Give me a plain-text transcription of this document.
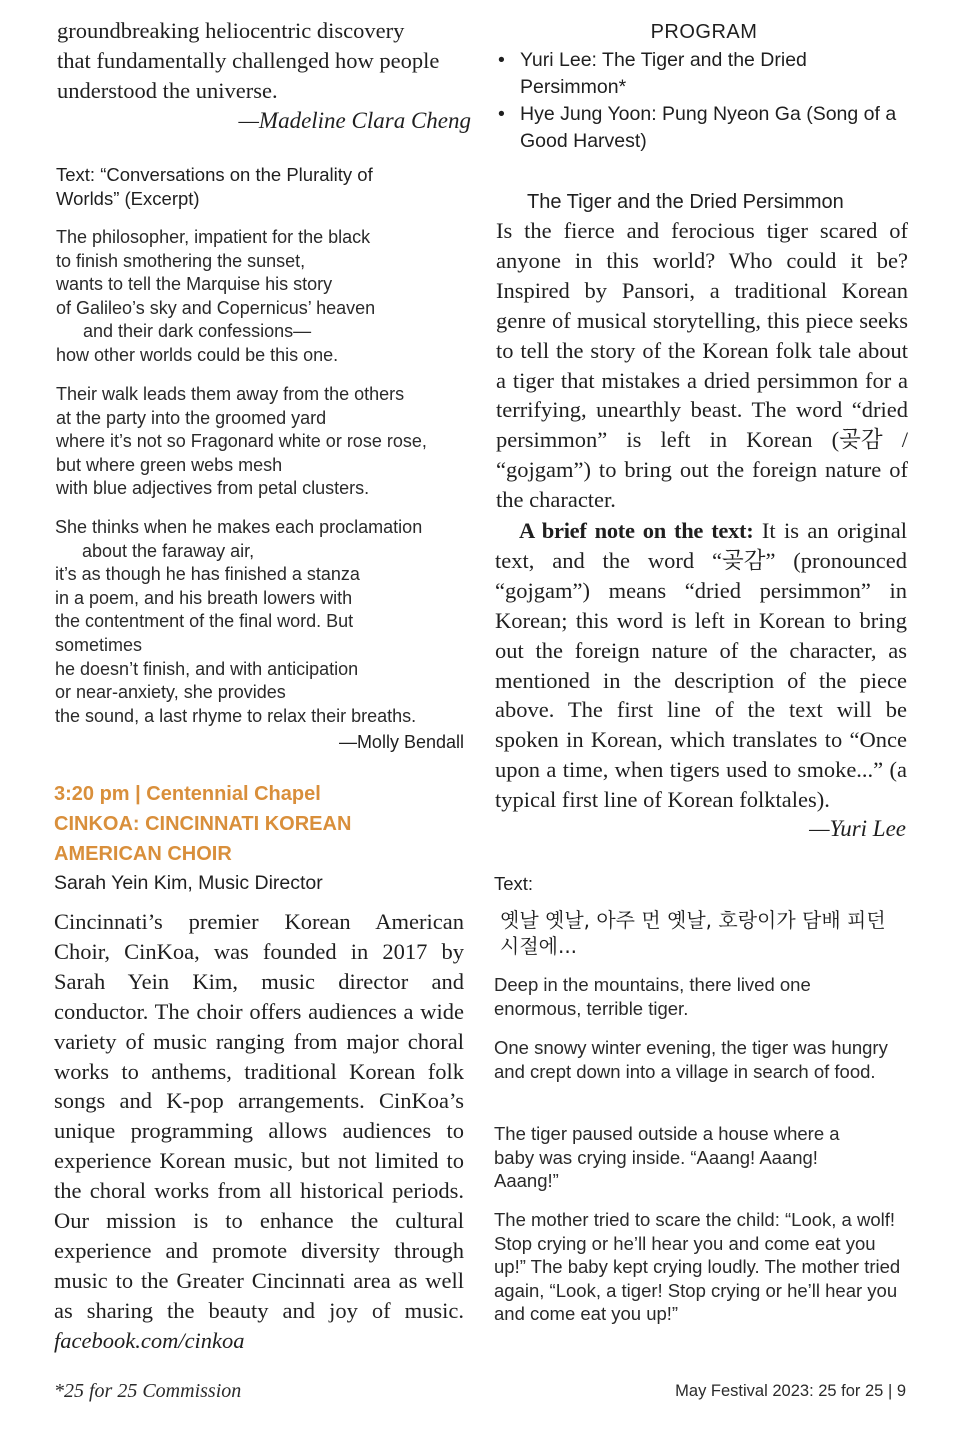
groundbreaking heliocentric discovery
that fundamentally challenged how people
understood the universe.

—Madeline Clara Cheng

Text: “Conversations on the Plurality of Worlds” (Excerpt)

The philosopher, impatient for the black
to finish smothering the sunset,
wants to tell the Marquise his story
of Galileo’s sky and Copernicus’ heaven
and their dark confessions—
how other worlds could be this one.
Their walk leads them away from the others
at the party into the groomed yard
where it’s not so Fragonard white or rose rose,
but where green webs mesh
with blue adjectives from petal clusters.
She thinks when he makes each proclamation
about the faraway air,
it’s as though he has finished a stanza
in a poem, and his breath lowers with
the contentment of the final word. But
sometimes
he doesn’t finish, and with anticipation
or near-anxiety, she provides
the sound, a last rhyme to relax their breaths.

—Molly Bendall

3:20 pm | Centennial Chapel

CINKOA: CINCINNATI KOREAN

AMERICAN CHOIR

Sarah Yein Kim, Music Director

Cincinnati’s premier Korean American Choir, CinKoa, was founded in 2017 by Sarah Yein Kim, music director and conductor. The choir offers audiences a wide variety of music ranging from major choral works to anthems, traditional Korean folk songs and K-pop arrangements. CinKoa’s unique programming allows audiences to experience Korean music, but not limited to the choral works from all historical periods. Our mission is to enhance the cultural experience and promote diversity through music to the Greater Cincinnati area as well as sharing the beauty and joy of music. facebook.com/cinkoa

PROGRAM

• Yuri Lee: The Tiger and the Dried Persimmon*
• Hye Jung Yoon: Pung Nyeon Ga (Song of a Good Harvest)

The Tiger and the Dried Persimmon

Is the fierce and ferocious tiger scared of anyone in this world? Who could it be? Inspired by Pansori, a traditional Korean genre of musical storytelling, this piece seeks to tell the story of the Korean folk tale about a tiger that mistakes a dried persimmon for a terrifying, unearthly beast. The word “dried persimmon” is left in Korean (곶감 / “gojgam”) to bring out the foreign nature of the character.

A brief note on the text: It is an original text, and the word “곶감” (pronounced “gojgam”) means “dried persimmon” in Korean; this word is left in Korean to bring out the foreign nature of the character, as mentioned in the description of the piece above. The first line of the text will be spoken in Korean, which translates to “Once upon a time, when tigers used to smoke...” (a typical first line of Korean folktales).

—Yuri Lee

Text:

옛날 옛날, 아주 먼 옛날, 호랑이가 담배 피던 시절에...

Deep in the mountains, there lived one enormous, terrible tiger.

One snowy winter evening, the tiger was hungry and crept down into a village in search of food.

The tiger paused outside a house where a baby was crying inside. “Aaang! Aaang! Aaang!”

The mother tried to scare the child: “Look, a wolf! Stop crying or he’ll hear you and come eat you up!” The baby kept crying loudly. The mother tried again, “Look, a tiger! Stop crying or he’ll hear you and come eat you up!”

*25 for 25 Commission	May Festival 2023: 25 for 25 | 9
